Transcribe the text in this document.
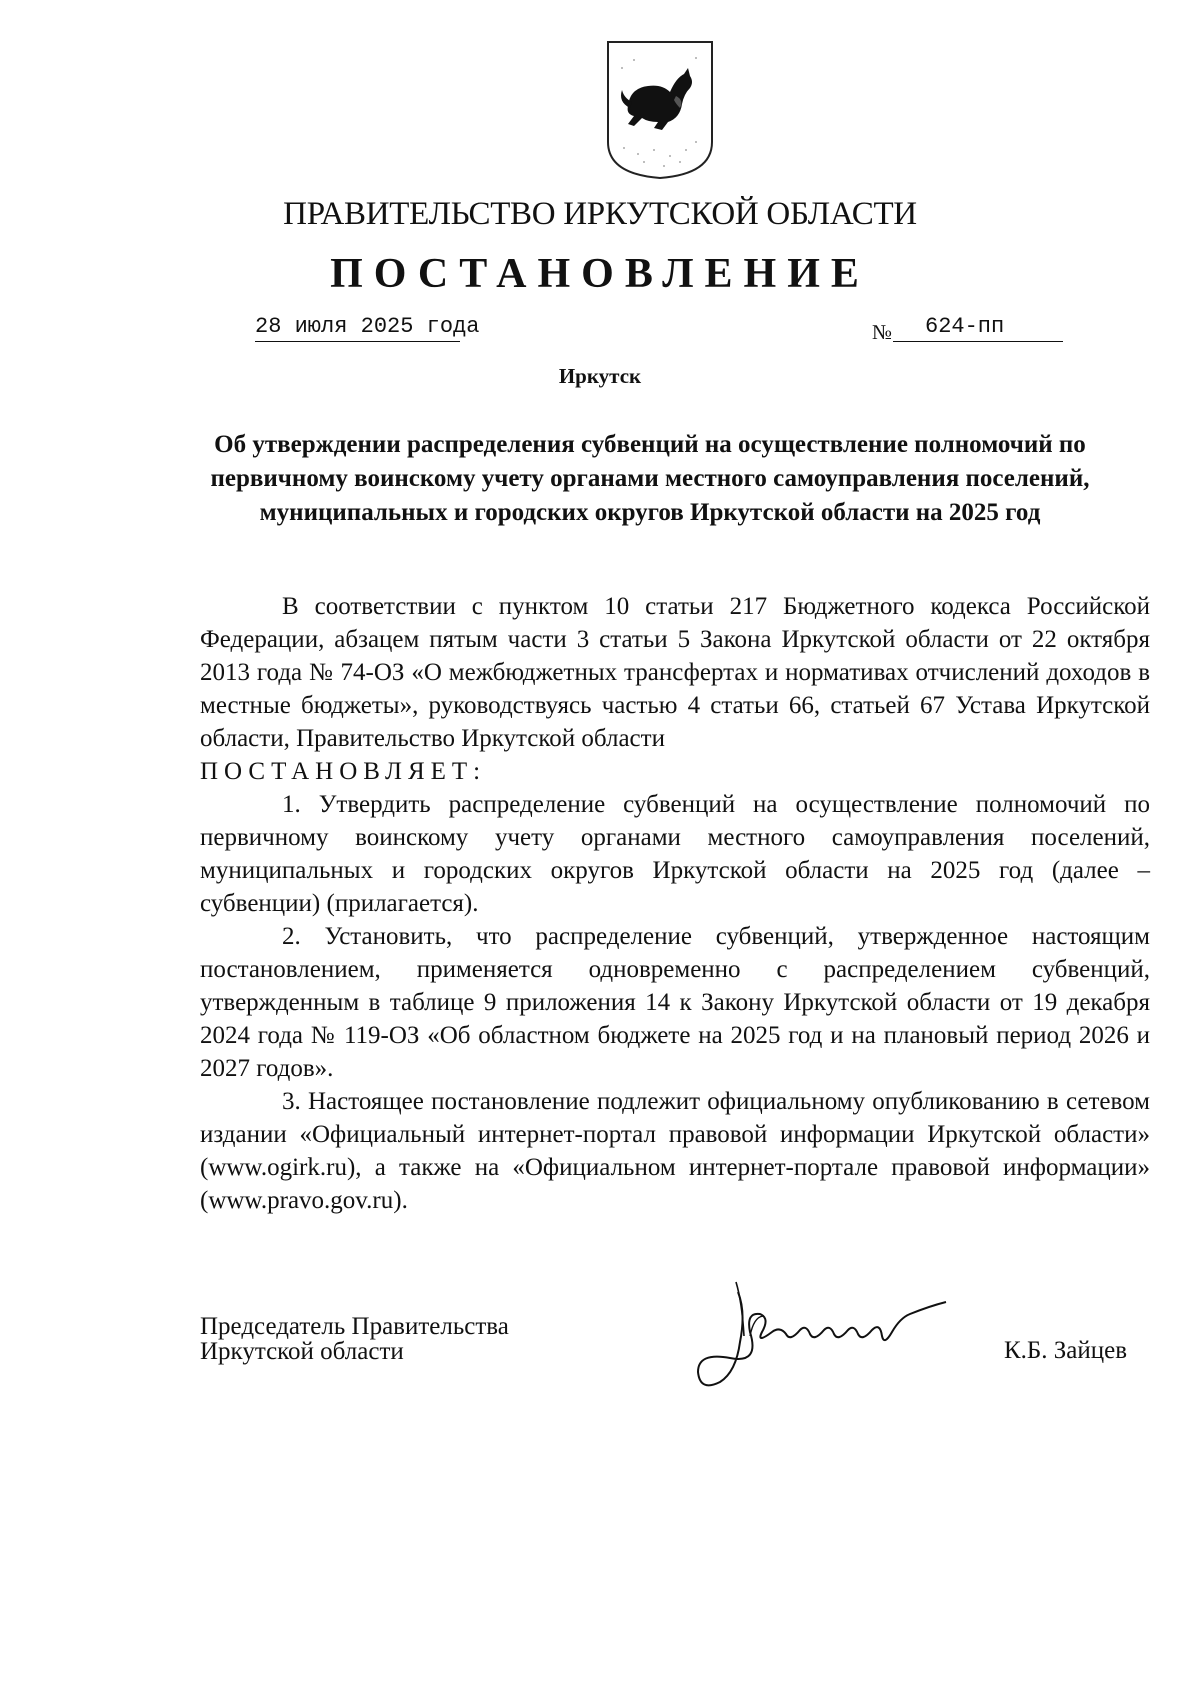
ПРАВИТЕЛЬСТВО ИРКУТСКОЙ ОБЛАСТИ
ПОСТАНОВЛЕНИЕ
28 июля 2025 года	№	624-пп
Иркутск
Об утверждении распределения субвенций на осуществление полномочий по первичному воинскому учету органами местного самоуправления поселений, муниципальных и городских округов Иркутской области на 2025 год

В соответствии с пунктом 10 статьи 217 Бюджетного кодекса Российской Федерации, абзацем пятым части 3 статьи 5 Закона Иркутской области от 22 октября 2013 года № 74-ОЗ «О межбюджетных трансфертах и нормативах отчислений доходов в местные бюджеты», руководствуясь частью 4 статьи 66, статьей 67 Устава Иркутской области, Правительство Иркутской области

ПОСТАНОВЛЯЕТ:

1. Утвердить распределение субвенций на осуществление полномочий по первичному воинскому учету органами местного самоуправления поселений, муниципальных и городских округов Иркутской области на 2025 год (далее – субвенции) (прилагается).

2. Установить, что распределение субвенций, утвержденное настоящим постановлением, применяется одновременно с распределением субвенций, утвержденным в таблице 9 приложения 14 к Закону Иркутской области от 19 декабря 2024 года № 119-ОЗ «Об областном бюджете на 2025 год и на плановый период 2026 и 2027 годов».

3. Настоящее постановление подлежит официальному опубликованию в сетевом издании «Официальный интернет-портал правовой информации Иркутской области» (www.ogirk.ru), а также на «Официальном интернет-портале правовой информации» (www.pravo.gov.ru).

Председатель Правительства
Иркутской области	К.Б. Зайцев
